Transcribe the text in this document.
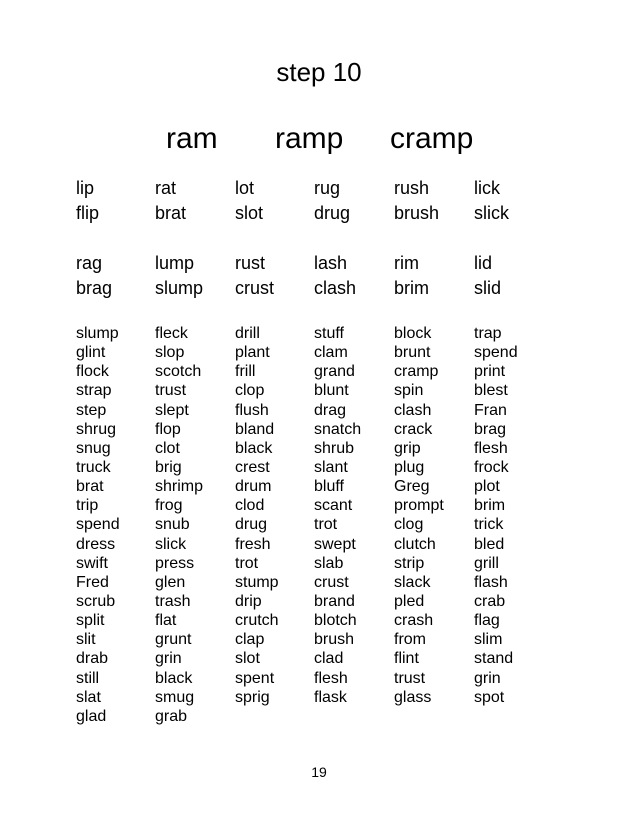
step 10
ram ramp cramp
lip
flip
rat
brat
lot
slot
rug
drug
rush
brush
lick
slick
rag
brag
lump
slump
rust
crust
lash
clash
rim
brim
lid
slid
slump
glint
flock
strap
step
shrug
snug
truck
brat
trip
spend
dress
swift
Fred
scrub
split
slit
drab
still
slat
glad
fleck
slop
scotch
trust
slept
flop
clot
brig
shrimp
frog
snub
slick
press
glen
trash
flat
grunt
grin
black
smug
grab
drill
plant
frill
clop
flush
bland
black
crest
drum
clod
drug
fresh
trot
stump
drip
crutch
clap
slot
spent
sprig
stuff
clam
grand
blunt
drag
snatch
shrub
slant
bluff
scant
trot
swept
slab
crust
brand
blotch
brush
clad
flesh
flask
block
brunt
cramp
spin
clash
crack
grip
plug
Greg
prompt
clog
clutch
strip
slack
pled
crash
from
flint
trust
glass
trap
spend
print
blest
Fran
brag
flesh
frock
plot
brim
trick
bled
grill
flash
crab
flag
slim
stand
grin
spot
19
